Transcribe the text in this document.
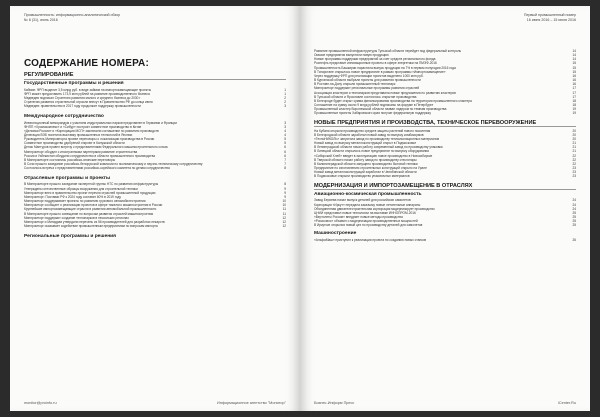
Промышленность: информационно-аналитический обзор
№ 6 (31), июнь 2016
СОДЕРЖАНИЕ НОМЕРА:
РЕГУЛИРОВАНИЕ
Государственные программы и решения
Кабмин: ФРП выделит 3,5 млрд руб. в виде займов на импортозамещающие проекты	1
ФРП может предоставить 173,9 млн рублей на развитие производственного бизнеса	1
Медведев подписал Стратегию развития малого и среднего бизнеса до 2030 г	2
Стратегию развития строительной отрасли внесут в Правительство РФ до конца июня	2
Медведев: правительство в 2017 году продолжит поддержку промышленности	3
Международное сотрудничество
Инвестиционный меморандум с участием индустриальных парков представлен в Германии и Франции	3
ФНПП «Хромокомлекс» и «Сибур» построят совместное производство в Китае	3
«Деловая Россия» и «Корпорация МСП» заключили соглашение по развитию производств	4
Делегация ВЭБ посетила выставку промышленных технологий в Японии	4
Руководитель Минпромторга провел переговоры о локализации производства в России	5
Совместное производство удобрений откроют в Калужской области	5
Денис Мантуров провел встречу с представителями Федерального машиностроительного союза	6
Минпромторг обсудил с иностранными партнерами развитие строительства	6
Россия и Узбекистан обсудили сотрудничество в области промышленного производства	6
В Минпромторге состоялись российско-японские переговоры	7
В Сочи прошло заседание российско-белорусской комиссии по экономическому и научно-техническому сотрудничеству	7
Состоялось встреча с представителями российско-корейского комитета по делам сотрудничества	8
Отраслевые программы и проекты
В Минпромторге прошло заседание экспертной группы НТС по развитию инфраструктуры	8
Утверждены отечественные образцы вооружения для строительной техники	9
Минпромторг внес в правительство проект перечня отраслей промышленной продукции	9
Минпромторг: Поставки РФ к 2024 году составят 60% в 2019 году	9
Минпромторг поддерживает проекты по развитию грузового автомобилестроения	10
Минпромторг сообщает о реализации проектов в сфере тяжелого машиностроения в России	10
Крупнейшие импортозамещающие отрасли в развитии автомобильной промышленности	11
В Минпромторге прошло совещание по вопросам развития отраслей машиностроения	11
Минпромторг поддержит создание технопарков в нескольких регионах	12
Минпромторг и Минздрав утвердили перечень из 56 производителей для разработки лекарств	12
Минпромторг оказывает содействие промышленным предприятиям по вопросам импорта	12
Региональные программы и решения
monitor@proinfo.ru	Информационное агентство "Монитор"
Первый промышленный номер
16 июня 2016 – 15 июля 2016
Развитие промышленной инфраструктуры Тульской области перейдет под федеральный контроль	14
Омские предприятия выпустили новую продукцию	14
Новые программы поддержки предприятий за счет средств регионального фонда	14
Роснефть представит инновационные проекты в сфере энергетики на ПМЭФ-2016	15
Промышленность Башкирии нарастила выпуск продукции на 7% в первом полугодии 2016 года	15
В Татарстане открылось новое предприятие в рамках программы «Импортозамещение»	15
Через поддержку ФРП для реализации проектов выделено 1000 млн руб.	16
В Курганской области выбрали проекты для развития промышленности	16
В Ростове-на-Дону открыли промышленный технопарк	16
Минпромторг поддержит региональные программы развития отраслей	17
Ассоциация кластеров и технопарков представила новые предложения по развитию кластеров	17
В Тульской области и Ярославле состоялось открытие производства	17
В Белгороде будет открыт сумма финансирования производства на территории промышленного кластера	18
Соглашение на сумму около 9 млрд рублей подписаны на форуме в Петербурге	18
Промышленный кластер Воронежской области назван лидером по темпам производства	19
Промышленные проекты Хабаровского края получат федеральную поддержку	19
НОВЫЕ ПРЕДПРИЯТИЯ И ПРОИЗВОДСТВА, ТЕХНИЧЕСКОЕ ПЕРЕВООРУЖЕНИЕ
На Кубани открыли производство средств защиты растений нового поколения	20
В Белгородской области заработал новый завод по выпуску комбикормов	20
«ТехноНИКОЛЬ» запустила завод по производству теплоизоляционных материалов	20
Новый завод по выпуску металлоконструкций открыт в Подмосковье	21
В Ленинградской области начал работу современный завод по производству упаковки	21
В Липецкой области открылось новое предприятие по выпуску оборудования	21
«Сибирский Хлеб» введет в эксплуатацию новое производство в Новосибирске	22
В Тверской области начал работу завод по производству стеклотары	22
В Калининградской области запущено производство бытовой техники	22
Предприятие по изготовлению строительных конструкций открыто на Урале	23
Новый завод металлоконструкций заработал в Челябинской области	23
В Подмосковье открыли производство упаковочных материалов	23
МОДЕРНИЗАЦИЯ И ИМПОРТОЗАМЕЩЕНИЕ В ОТРАСЛЯХ
Авиационно-космическая промышленность
Завод Бериева начал выпуск деталей для российских самолетов	24
Корпорация «Иркут» передала заказчику новые летательные аппараты	24
Объединенная двигателестроительная корпорация модернизирует производство	24
ЦНИИ представил новые технологии на выставке ИННОПРОМ-2016	25
«Вертолеты России» внедряет новые методы производства	25
«Роскосмос» объявил о модернизации производственных мощностей	25
В Иркутске открылся новый цех по производству деталей для самолетов	25
Машиностроение
«АльфаМаш» приступил к реализации проекта по созданию новых станков	26
Бизнес-Информ Пресс	iCenter.Ru
